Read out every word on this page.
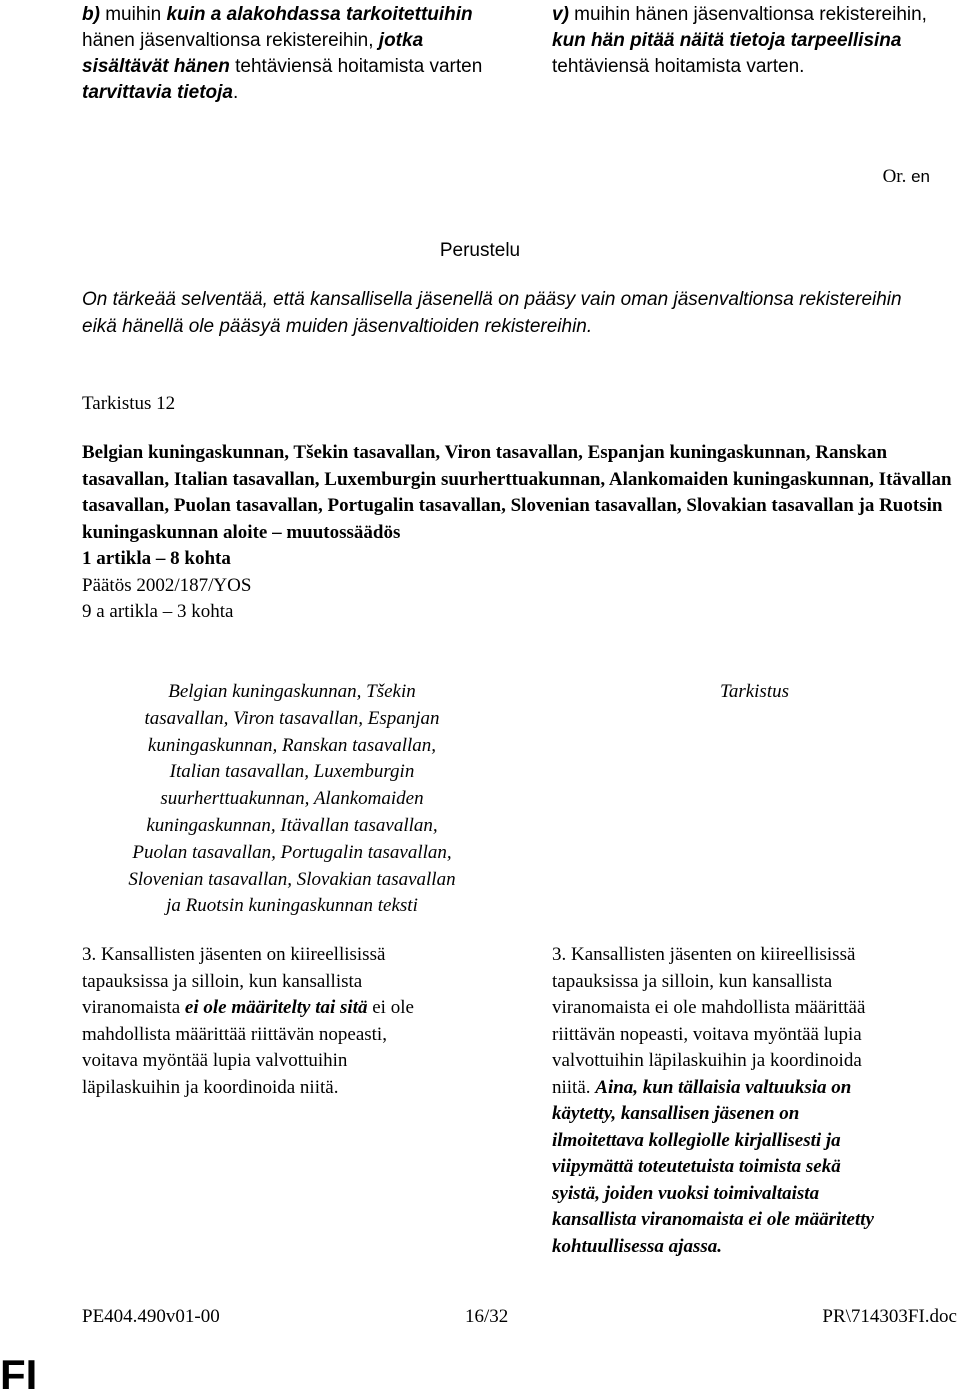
b) muihin kuin a alakohdassa tarkoitettuihin hänen jäsenvaltionsa rekistereihin, jotka sisältävät hänen tehtäviensä hoitamista varten tarvittavia tietoja.

v) muihin hänen jäsenvaltionsa rekistereihin, kun hän pitää näitä tietoja tarpeellisina tehtäviensä hoitamista varten.

Or. en
Perustelu
On tärkeää selventää, että kansallisella jäsenellä on pääsy vain oman jäsenvaltionsa rekistereihin eikä hänellä ole pääsyä muiden jäsenvaltioiden rekistereihin.
Tarkistus 12
Belgian kuningaskunnan, Tšekin tasavallan, Viron tasavallan, Espanjan kuningaskunnan, Ranskan tasavallan, Italian tasavallan, Luxemburgin suurherttuakunnan, Alankomaiden kuningaskunnan, Itävallan tasavallan, Puolan tasavallan, Portugalin tasavallan, Slovenian tasavallan, Slovakian tasavallan ja Ruotsin kuningaskunnan aloite – muutossäädös
1 artikla – 8 kohta
Päätös 2002/187/YOS
9 a artikla – 3 kohta
Belgian kuningaskunnan, Tšekin
tasavallan, Viron tasavallan, Espanjan
kuningaskunnan, Ranskan tasavallan,
Italian tasavallan, Luxemburgin
suurherttuakunnan, Alankomaiden
kuningaskunnan, Itävallan tasavallan,
Puolan tasavallan, Portugalin tasavallan,
Slovenian tasavallan, Slovakian tasavallan
ja Ruotsin kuningaskunnan teksti
Tarkistus

3. Kansallisten jäsenten on kiireellisissä
tapauksissa ja silloin, kun kansallista
viranomaista ei ole määritelty tai sitä ei ole
mahdollista määrittää riittävän nopeasti,
voitava myöntää lupia valvottuihin
läpilaskuihin ja koordinoida niitä.

3. Kansallisten jäsenten on kiireellisissä
tapauksissa ja silloin, kun kansallista
viranomaista ei ole mahdollista määrittää
riittävän nopeasti, voitava myöntää lupia
valvottuihin läpilaskuihin ja koordinoida
niitä. Aina, kun tällaisia valtuuksia on
käytetty, kansallisen jäsenen on
ilmoitettava kollegiolle kirjallisesti ja
viipymättä toteutetuista toimista sekä
syistä, joiden vuoksi toimivaltaista
kansallista viranomaista ei ole määritetty
kohtuullisessa ajassa.

PE404.490v01-00	16/32	PR\714303FI.doc
FI
